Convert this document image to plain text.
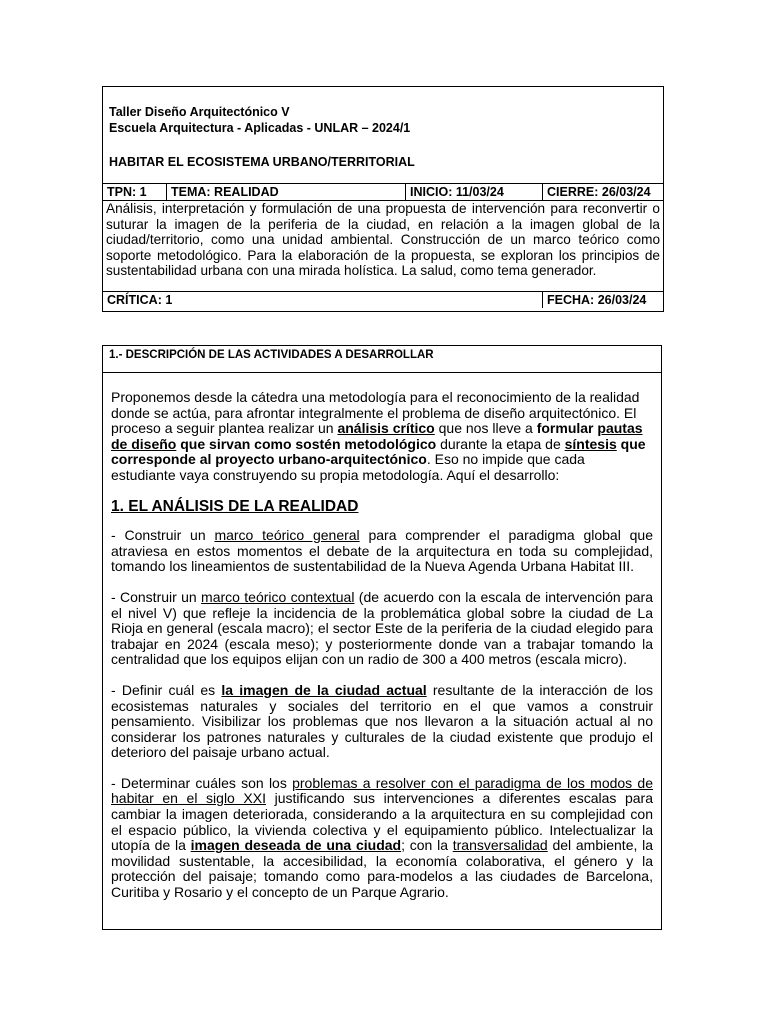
Taller Diseño Arquitectónico V
Escuela Arquitectura - Aplicadas - UNLAR – 2024/1
HABITAR EL ECOSISTEMA URBANO/TERRITORIAL
TPN: 1	TEMA: REALIDAD	INICIO: 11/03/24	CIERRE: 26/03/24
Análisis, interpretación y formulación de una propuesta de intervención para reconvertir o suturar la imagen de la periferia de la ciudad, en relación a la imagen global de la ciudad/territorio, como una unidad ambiental. Construcción de un marco teórico como soporte metodológico. Para la elaboración de la propuesta, se exploran los principios de sustentabilidad urbana con una mirada holística. La salud, como tema generador.
CRÍTICA: 1	FECHA: 26/03/24
1.- DESCRIPCIÓN DE LAS ACTIVIDADES A DESARROLLAR

Proponemos desde la cátedra una metodología para el reconocimiento de la realidad donde se actúa, para afrontar integralmente el problema de diseño arquitectónico. El proceso a seguir plantea realizar un análisis crítico que nos lleve a formular pautas de diseño que sirvan como sostén metodológico durante la etapa de síntesis que corresponde al proyecto urbano-arquitectónico. Eso no impide que cada estudiante vaya construyendo su propia metodología. Aquí el desarrollo:

1. EL ANÁLISIS DE LA REALIDAD

- Construir un marco teórico general para comprender el paradigma global que atraviesa en estos momentos el debate de la arquitectura en toda su complejidad, tomando los lineamientos de sustentabilidad de la Nueva Agenda Urbana Habitat III.

- Construir un marco teórico contextual (de acuerdo con la escala de intervención para el nivel V) que refleje la incidencia de la problemática global sobre la ciudad de La Rioja en general (escala macro); el sector Este de la periferia de la ciudad elegido para trabajar en 2024 (escala meso); y posteriormente donde van a trabajar tomando la centralidad que los equipos elijan con un radio de 300 a 400 metros (escala micro).

- Definir cuál es la imagen de la ciudad actual resultante de la interacción de los ecosistemas naturales y sociales del territorio en el que vamos a construir pensamiento. Visibilizar los problemas que nos llevaron a la situación actual al no considerar los patrones naturales y culturales de la ciudad existente que produjo el deterioro del paisaje urbano actual.

- Determinar cuáles son los problemas a resolver con el paradigma de los modos de habitar en el siglo XXI justificando sus intervenciones a diferentes escalas para cambiar la imagen deteriorada, considerando a la arquitectura en su complejidad con el espacio público, la vivienda colectiva y el equipamiento público. Intelectualizar la utopía de la imagen deseada de una ciudad; con la transversalidad del ambiente, la movilidad sustentable, la accesibilidad, la economía colaborativa, el género y la protección del paisaje; tomando como para-modelos a las ciudades de Barcelona, Curitiba y Rosario y el concepto de un Parque Agrario.
